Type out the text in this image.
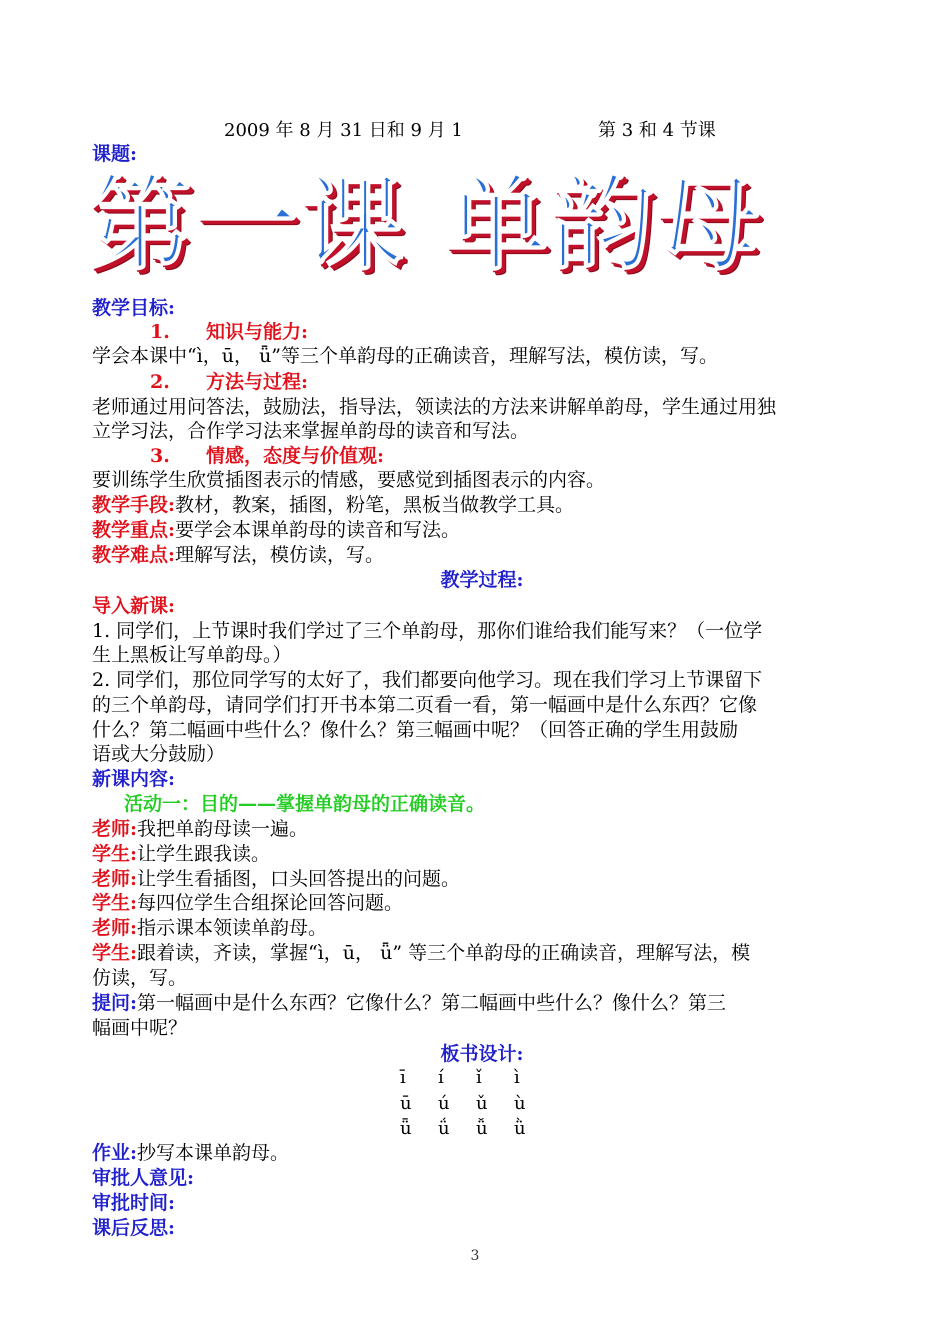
2009 年 8 月 31 日和 9 月 1	第 3 和 4 节课
课题:
第一课 单韵母
教学目标:
1. 知识与能力:
学会本课中“ì，ū， ǖ”等三个单韵母的正确读音，理解写法，模仿读，写。
2. 方法与过程:
老师通过用问答法，鼓励法，指导法，领读法的方法来讲解单韵母，学生通过用独
立学习法，合作学习法来掌握单韵母的读音和写法。
3. 情感，态度与价值观:
要训练学生欣赏插图表示的情感，要感觉到插图表示的内容。
教学手段:教材，教案，插图，粉笔，黑板当做教学工具。
教学重点:要学会本课单韵母的读音和写法。
教学难点:理解写法，模仿读，写。
教学过程:
导入新课:
1. 同学们，上节课时我们学过了三个单韵母，那你们谁给我们能写来？（一位学
生上黑板让写单韵母。）
2. 同学们，那位同学写的太好了，我们都要向他学习。现在我们学习上节课留下
的三个单韵母，请同学们打开书本第二页看一看，第一幅画中是什么东西？它像
什么？第二幅画中些什么？像什么？第三幅画中呢？（回答正确的学生用鼓励
语或大分鼓励）
新课内容:
活动一：目的——掌握单韵母的正确读音。
老师:我把单韵母读一遍。
学生:让学生跟我读。
老师:让学生看插图，口头回答提出的问题。
学生:每四位学生合组探论回答问题。
老师:指示课本领读单韵母。
学生:跟着读，齐读，掌握“ì，ū， ǖ” 等三个单韵母的正确读音，理解写法，模
仿读，写。
提问:第一幅画中是什么东西？它像什么？第二幅画中些什么？像什么？第三
幅画中呢？
板书设计:
ī í ǐ ì
ū ú ǔ ù
ǖ ǘ ǚ ǜ
作业:抄写本课单韵母。
审批人意见:
审批时间:
课后反思:
3
